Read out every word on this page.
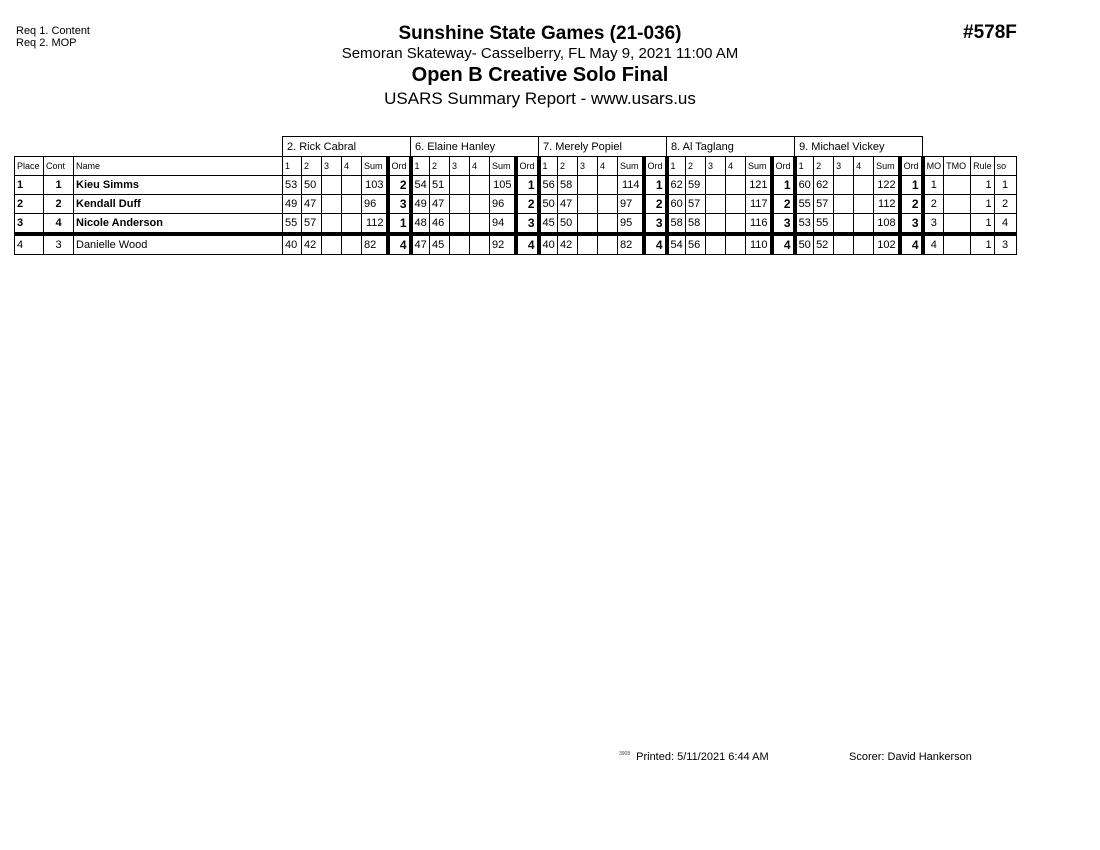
Req 1. Content
Req 2. MOP	Sunshine State Games (21-036)
Semoran Skateway- Casselberry, FL May 9, 2021 11:00 AM
Open B Creative Solo Final
USARS Summary Report - www.usars.us
#578F
			2. Rick Cabral						6. Elaine Hanley						7. Merely Popiel						8. Al Taglang						9. Michael Vickey									
Place	Cont	Name	1	2	3	4	Sum	Ord	1	2	3	4	Sum	Ord	1	2	3	4	Sum	Ord	1	2	3	4	Sum	Ord	1	2	3	4	Sum	Ord	MO	TMO	Rule	so
1	1	Kieu Simms	53	50			103	2	54	51			105	1	56	58			114	1	62	59			121	1	60	62			122	1	1		1	1
2	2	Kendall Duff	49	47			96	3	49	47			96	2	50	47			97	2	60	57			117	2	55	57			112	2	2		1	2
3	4	Nicole Anderson	55	57			112	1	48	46			94	3	45	50			95	3	58	58			116	3	53	55			108	3	3		1	4
4	3	Danielle Wood	40	42			82	4	47	45			92	4	40	42			82	4	54	56			110	4	50	52			102	4	4		1	3
$^{3908}$ Printed: 5/11/2021 6:44 AM	Scorer: David Hankerson
